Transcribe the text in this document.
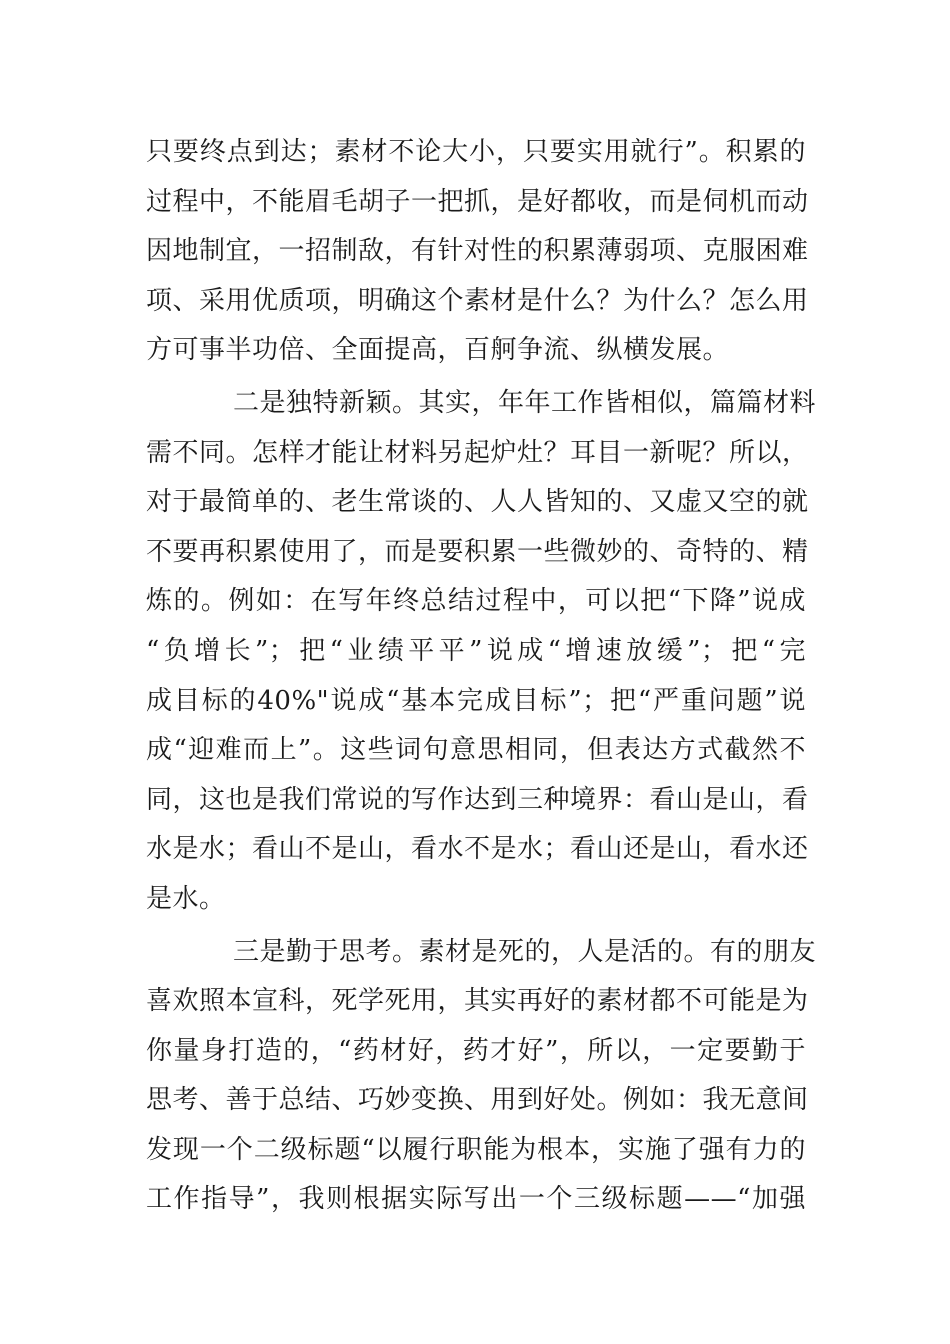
只要终点到达；素材不论大小，只要实用就行”。积累的
过程中，不能眉毛胡子一把抓，是好都收，而是伺机而动
因地制宜，一招制敌，有针对性的积累薄弱项、克服困难
项、采用优质项，明确这个素材是什么？为什么？怎么用
方可事半功倍、全面提高，百舸争流、纵横发展。
二是独特新颖。其实，年年工作皆相似，篇篇材料
需不同。怎样才能让材料另起炉灶？耳目一新呢？所以，
对于最简单的、老生常谈的、人人皆知的、又虚又空的就
不要再积累使用了，而是要积累一些微妙的、奇特的、精
炼的。例如：在写年终总结过程中，可以把“下降”说成
“负增长”；把“业绩平平”说成“增速放缓”；把“完
成目标的40%"说成“基本完成目标”；把“严重问题”说
成“迎难而上”。这些词句意思相同，但表达方式截然不
同，这也是我们常说的写作达到三种境界：看山是山，看
水是水；看山不是山，看水不是水；看山还是山，看水还
是水。
三是勤于思考。素材是死的，人是活的。有的朋友
喜欢照本宣科，死学死用，其实再好的素材都不可能是为
你量身打造的，“药材好，药才好”，所以，一定要勤于
思考、善于总结、巧妙变换、用到好处。例如：我无意间
发现一个二级标题“以履行职能为根本，实施了强有力的
工作指导”，我则根据实际写出一个三级标题——“加强
